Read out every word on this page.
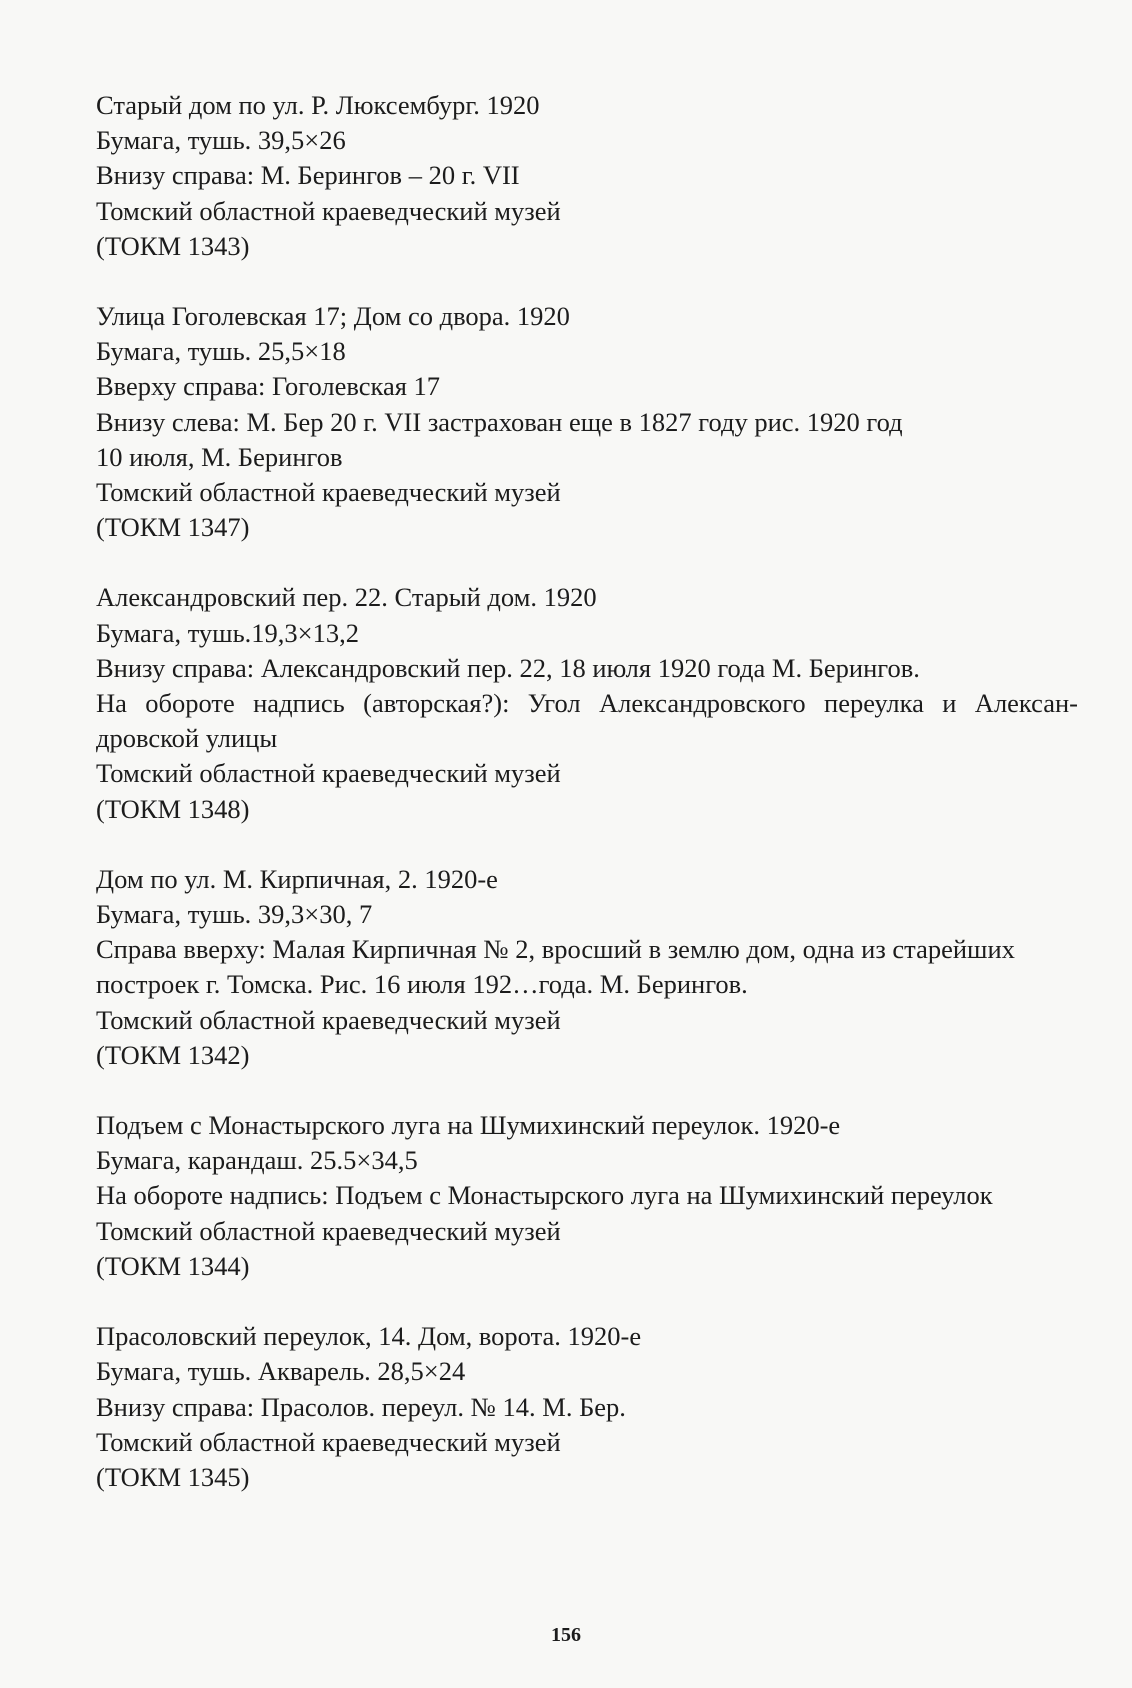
Старый дом по ул. Р. Люксембург. 1920
Бумага, тушь. 39,5×26
Внизу справа: М. Берингов – 20 г. VII
Томский областной краеведческий музей
(ТОКМ 1343)
Улица Гоголевская 17; Дом со двора. 1920
Бумага, тушь. 25,5×18
Вверху справа: Гоголевская 17
Внизу слева: М. Бер 20 г. VII застрахован еще в 1827 году рис. 1920 год
10 июля, М. Берингов
Томский областной краеведческий музей
(ТОКМ 1347)
Александровский пер. 22. Старый дом. 1920
Бумага, тушь.19,3×13,2
Внизу справа: Александровский пер. 22, 18 июля 1920 года М. Берингов.
На обороте надпись (авторская?): Угол Александровского переулка и Алексан-
дровской улицы
Томский областной краеведческий музей
(ТОКМ 1348)
Дом по ул. М. Кирпичная, 2. 1920-е
Бумага, тушь. 39,3×30, 7
Справа вверху: Малая Кирпичная № 2, вросший в землю дом, одна из старейших
построек г. Томска. Рис. 16 июля 192…года. М. Берингов.
Томский областной краеведческий музей
(ТОКМ 1342)
Подъем с Монастырского луга на Шумихинский переулок. 1920-е
Бумага, карандаш. 25.5×34,5
На обороте надпись: Подъем с Монастырского луга на Шумихинский переулок
Томский областной краеведческий музей
(ТОКМ 1344)
Прасоловский переулок, 14. Дом, ворота. 1920-е
Бумага, тушь. Акварель. 28,5×24
Внизу справа: Прасолов. переул. № 14. М. Бер.
Томский областной краеведческий музей
(ТОКМ 1345)
156
